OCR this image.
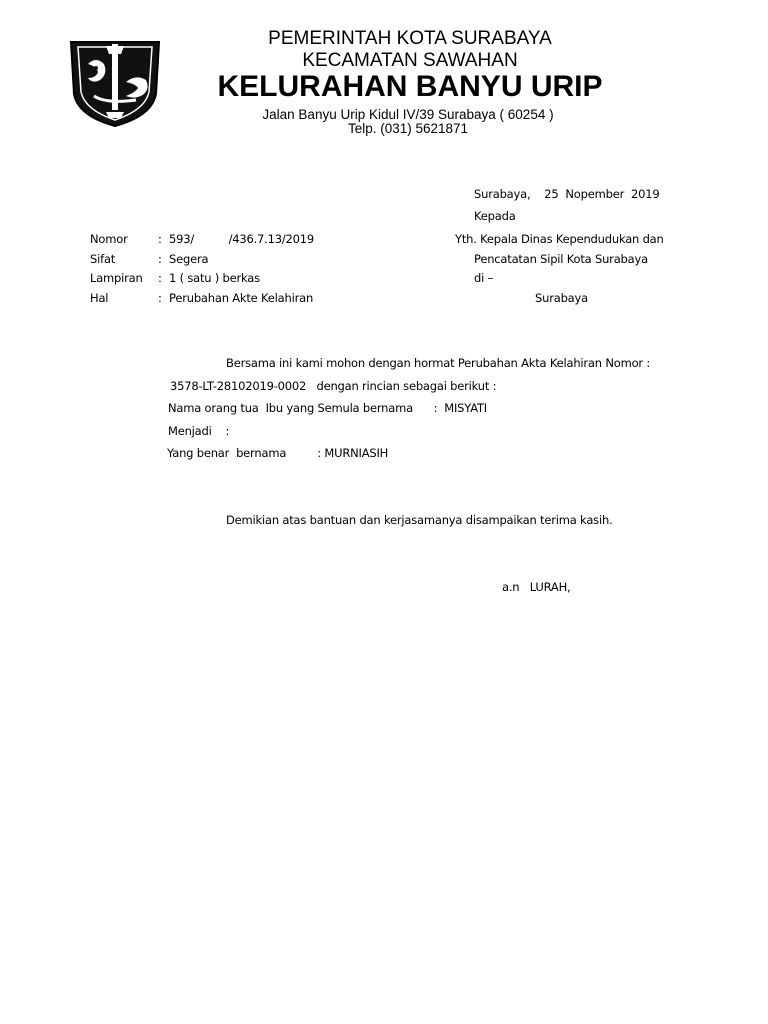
PEMERINTAH KOTA SURABAYA
KECAMATAN SAWAHAN
KELURAHAN BANYU URIP
Jalan Banyu Urip Kidul IV/39 Surabaya ( 60254 )
Telp. (031) 5621871
Surabaya,    25  Nopember  2019
Kepada
Yth. Kepala Dinas Kependudukan dan
Pencatatan Sipil Kota Surabaya
di –
Surabaya
Nomor	: 593/          /436.7.13/2019
Sifat	: Segera
Lampiran : 1 ( satu ) berkas
Hal	: Perubahan Akte Kelahiran
Bersama ini kami mohon dengan hormat Perubahan Akta Kelahiran Nomor :
3578-LT-28102019-0002   dengan rincian sebagai berikut :
Nama orang tua  Ibu yang Semula bernama      :  MISYATI
Menjadi    :
Yang benar  bernama         : MURNIASIH
Demikian atas bantuan dan kerjasamanya disampaikan terima kasih.
a.n   LURAH,
